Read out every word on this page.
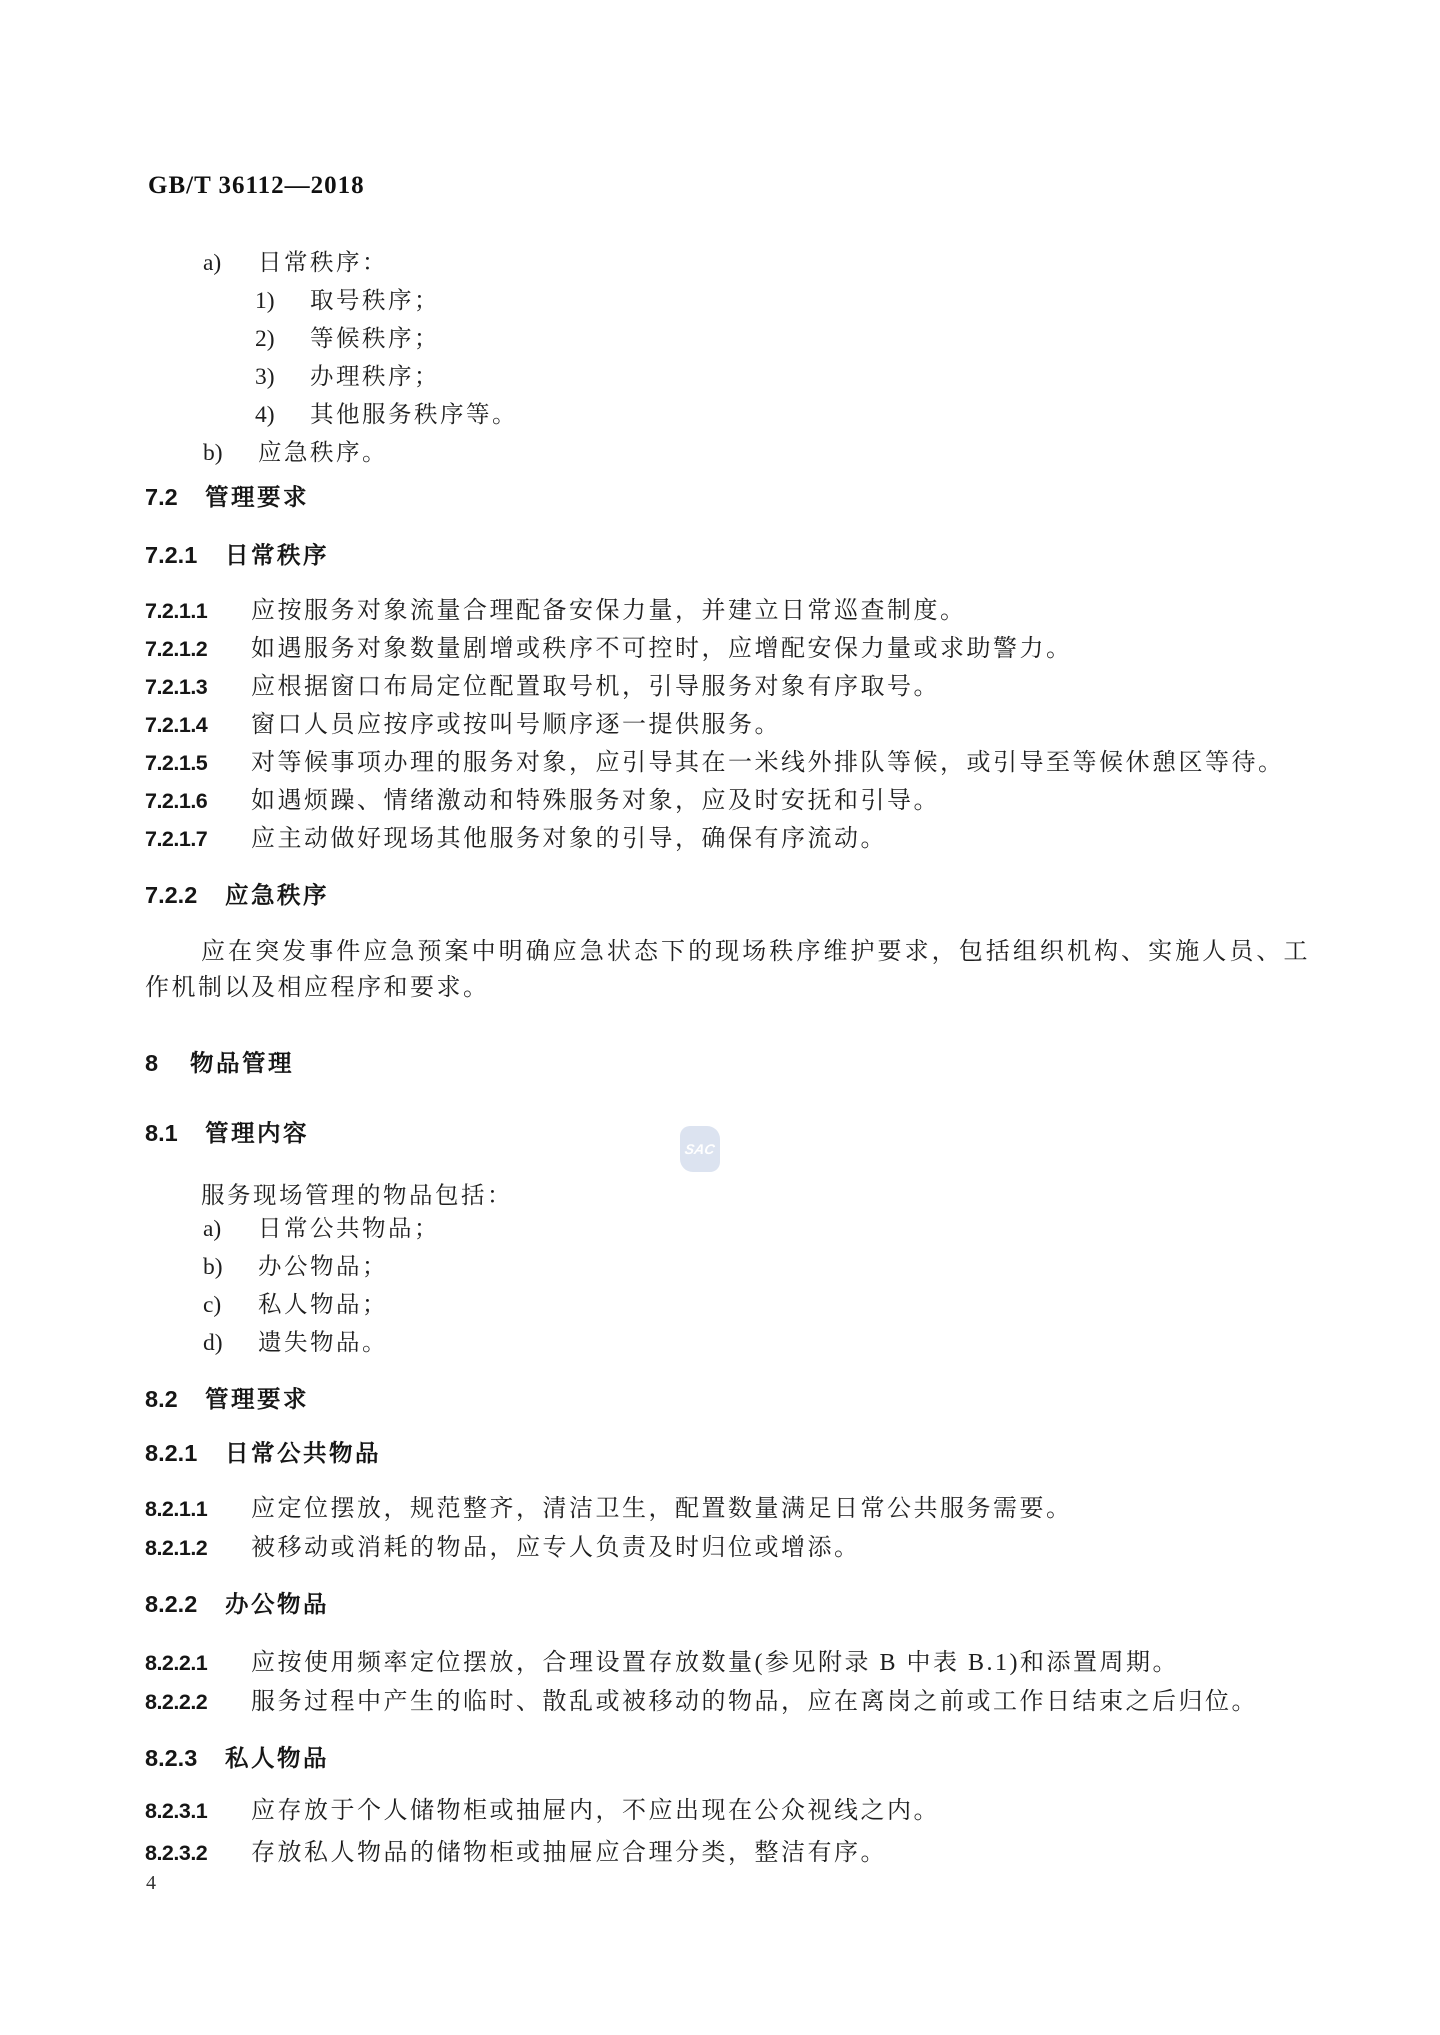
GB/T 36112—2018
a) 日常秩序：
1) 取号秩序；
2) 等候秩序；
3) 办理秩序；
4) 其他服务秩序等。
b) 应急秩序。
7.2 管理要求
7.2.1 日常秩序
7.2.1.1 应按服务对象流量合理配备安保力量，并建立日常巡查制度。
7.2.1.2 如遇服务对象数量剧增或秩序不可控时，应增配安保力量或求助警力。
7.2.1.3 应根据窗口布局定位配置取号机，引导服务对象有序取号。
7.2.1.4 窗口人员应按序或按叫号顺序逐一提供服务。
7.2.1.5 对等候事项办理的服务对象，应引导其在一米线外排队等候，或引导至等候休憩区等待。
7.2.1.6 如遇烦躁、情绪激动和特殊服务对象，应及时安抚和引导。
7.2.1.7 应主动做好现场其他服务对象的引导，确保有序流动。
7.2.2 应急秩序
应在突发事件应急预案中明确应急状态下的现场秩序维护要求，包括组织机构、实施人员、工作机制以及相应程序和要求。
8 物品管理
8.1 管理内容
服务现场管理的物品包括：
a) 日常公共物品；
b) 办公物品；
c) 私人物品；
d) 遗失物品。
8.2 管理要求
8.2.1 日常公共物品
8.2.1.1 应定位摆放，规范整齐，清洁卫生，配置数量满足日常公共服务需要。
8.2.1.2 被移动或消耗的物品，应专人负责及时归位或增添。
8.2.2 办公物品
8.2.2.1 应按使用频率定位摆放，合理设置存放数量(参见附录 B 中表 B.1)和添置周期。
8.2.2.2 服务过程中产生的临时、散乱或被移动的物品，应在离岗之前或工作日结束之后归位。
8.2.3 私人物品
8.2.3.1 应存放于个人储物柜或抽屉内，不应出现在公众视线之内。
8.2.3.2 存放私人物品的储物柜或抽屉应合理分类，整洁有序。
SAC
4
